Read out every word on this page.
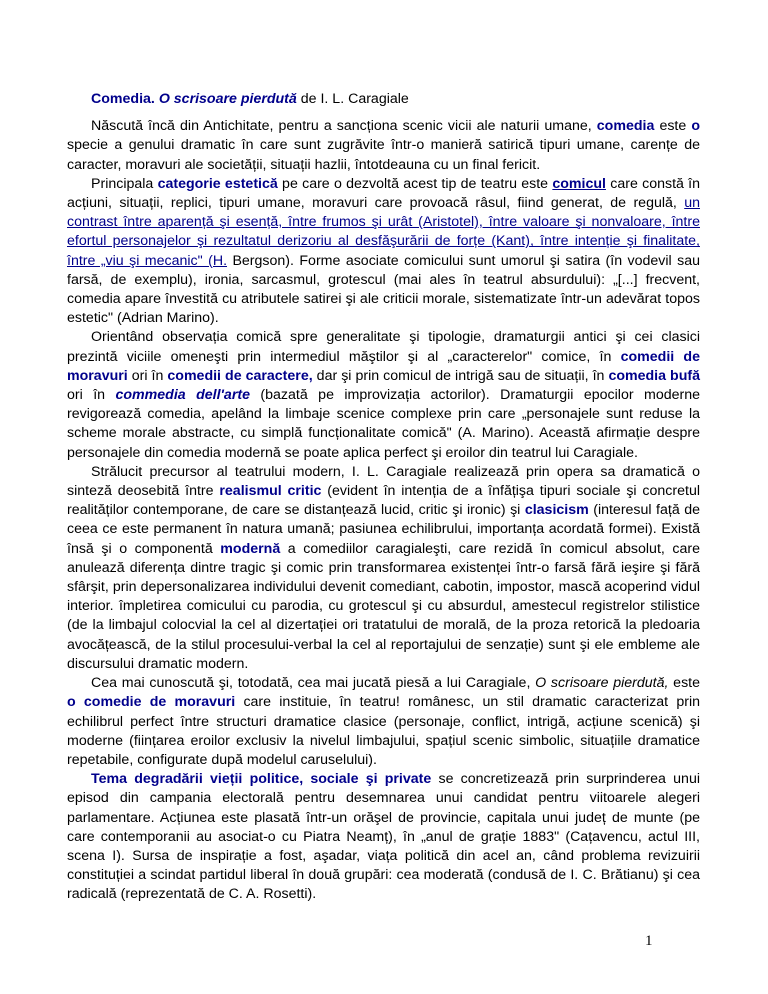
Comedia. O scrisoare pierdută de I. L. Caragiale

Născută încă din Antichitate, pentru a sancționa scenic vicii ale naturii umane, comedia este o specie a genului dramatic în care sunt zugrăvite într-o manieră satirică tipuri umane, carențe de caracter, moravuri ale societății, situații hazlii, întotdeauna cu un final fericit.

Principala categorie estetică pe care o dezvoltă acest tip de teatru este comicul care constă în acțiuni, situații, replici, tipuri umane, moravuri care provoacă râsul, fiind generat, de regulă, un contrast între aparență şi esență, între frumos şi urât (Aristotel), între valoare şi nonvaloare, între efortul personajelor şi rezultatul derizoriu al desfăşurării de forțe (Kant), între intenție şi finalitate, între „viu şi mecanic" (H. Bergson). Forme asociate comicului sunt umorul şi satira (în vodevil sau farsă, de exemplu), ironia, sarcasmul, grotescul (mai ales în teatrul absurdului): „[...] frecvent, comedia apare învestită cu atributele satirei şi ale criticii morale, sistematizate într-un adevărat topos estetic" (Adrian Marino).

Orientând observația comică spre generalitate şi tipologie, dramaturgii antici şi cei clasici prezintă viciile omeneşti prin intermediul măştilor şi al „caracterelor" comice, în comedii de moravuri ori în comedii de caractere, dar şi prin comicul de intrigă sau de situații, în comedia bufă ori în commedia dell'arte (bazată pe improvizația actorilor). Dramaturgii epocilor moderne revigorează comedia, apelând la limbaje scenice complexe prin care „personajele sunt reduse la scheme morale abstracte, cu simplă funcționalitate comică" (A. Marino). Această afirmație despre personajele din comedia modernă se poate aplica perfect şi eroilor din teatrul lui Caragiale.

Strălucit precursor al teatrului modern, I. L. Caragiale realizează prin opera sa dramatică o sinteză deosebită între realismul critic (evident în intenția de a înfățişa tipuri sociale şi concretul realităților contemporane, de care se distanțează lucid, critic şi ironic) şi clasicism (interesul față de ceea ce este permanent în natura umană; pasiunea echilibrului, importanța acordată formei). Există însă şi o componentă modernă a comediilor caragialeşti, care rezidă în comicul absolut, care anulează diferența dintre tragic şi comic prin transformarea existenței într-o farsă fără ieşire şi fără sfârşit, prin depersonalizarea individului devenit comediant, cabotin, impostor, mască acoperind vidul interior. împletirea comicului cu parodia, cu grotescul şi cu absurdul, amestecul registrelor stilistice (de la limbajul colocvial la cel al dizertației ori tratatului de morală, de la proza retorică la pledoaria avocățească, de la stilul procesului-verbal la cel al reportajului de senzație) sunt şi ele embleme ale discursului dramatic modern.

Cea mai cunoscută şi, totodată, cea mai jucată piesă a lui Caragiale, O scrisoare pierdută, este o comedie de moravuri care instituie, în teatru! românesc, un stil dramatic caracterizat prin echilibrul perfect între structuri dramatice clasice (personaje, conflict, intrigă, acțiune scenică) şi moderne (ființarea eroilor exclusiv la nivelul limbajului, spațiul scenic simbolic, situațiile dramatice repetabile, configurate după modelul caruselului).

Tema degradării vieții politice, sociale şi private se concretizează prin surprinderea unui episod din campania electorală pentru desemnarea unui candidat pentru viitoarele alegeri parlamentare. Acțiunea este plasată într-un orăşel de provincie, capitala unui județ de munte (pe care contemporanii au asociat-o cu Piatra Neamț), în „anul de grație 1883" (Cațavencu, actul III, scena I). Sursa de inspirație a fost, aşadar, viața politică din acel an, când problema revizuirii constituției a scindat partidul liberal în două grupări: cea moderată (condusă de I. C. Brătianu) şi cea radicală (reprezentată de C. A. Rosetti).

1
